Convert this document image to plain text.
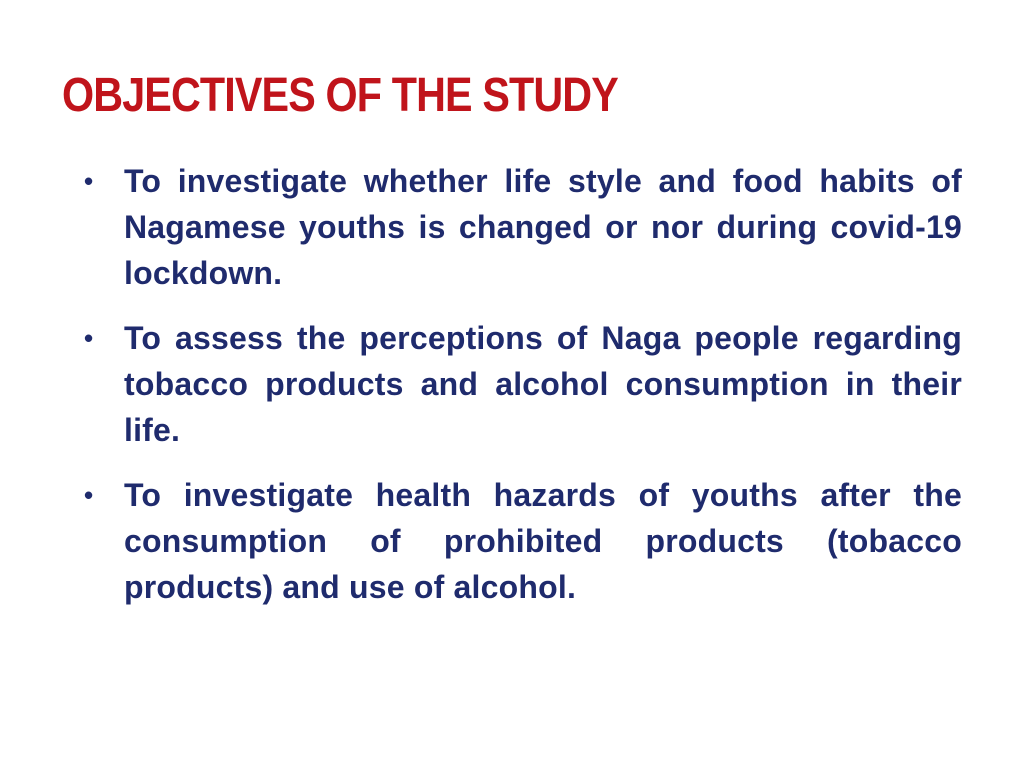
OBJECTIVES OF THE STUDY
• To investigate whether life style and food habits of Nagamese youths is changed or nor during covid-19 lockdown.
• To assess the perceptions of Naga people regarding tobacco products and alcohol consumption in their life.
• To investigate health hazards of youths after the consumption of prohibited products (tobacco products) and use of alcohol.
